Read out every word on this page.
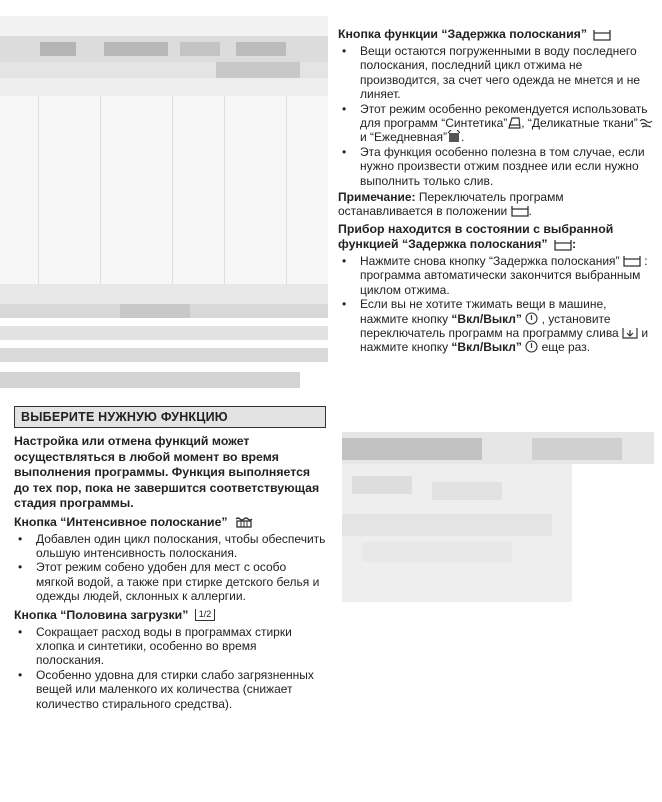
ВЫБЕРИТЕ НУЖНУЮ ФУНКЦИЮ
Настройка или отмена функций может осуществляться в любой момент во время выполнения программы. Функция выполняется до тех пор, пока не завершится соответствующая стадия программы.
Кнопка “Интенсивное полоскание”
• Добавлен один цикл полоскания, чтобы обеспечить ольшую интенсивность полоскания.
• Этот режим собено удобен для мест с особо мягкой водой, а также при стирке детского белья и одежды людей, склонных к аллергии.
Кнопка “Половина загрузки” 1/2
• Сокращает расход воды в программах стирки хлопка и синтетики, особенно во время полоскания.
• Особенно удовна для стирки слабо загрязненных вещей или маленкого их количества (снижает количество стирального средства).
Кнопка функции “Задержка полоскания”
• Вещи остаются погруженными в воду последнего полоскания, последний цикл отжима не производится, за счет чего одежда не мнется и не линяет.
• Этот режим особенно рекомендуется использовать для программ “Синтетика” , “Деликатные ткани”
и “Ежедневная” .
• Эта функция особенно полезна в том случае, если нужно произвести отжим позднее или если нужно выполнить только слив.

Примечание: Переключатель программ останавливается в положении .

Прибор находится в состоянии с выбранной функцией “Задержка полоскания” :
• Нажмите снова кнопку “Задержка полоскания” : программа автоматически закончится выбранным циклом отжима.
• Если вы не хотите тжимать вещи в машине, нажмите кнопку “Вкл/Выкл” , установите переключатель программ на программу слива
и нажмите кнопку “Вкл/Выкл”
еще раз.
